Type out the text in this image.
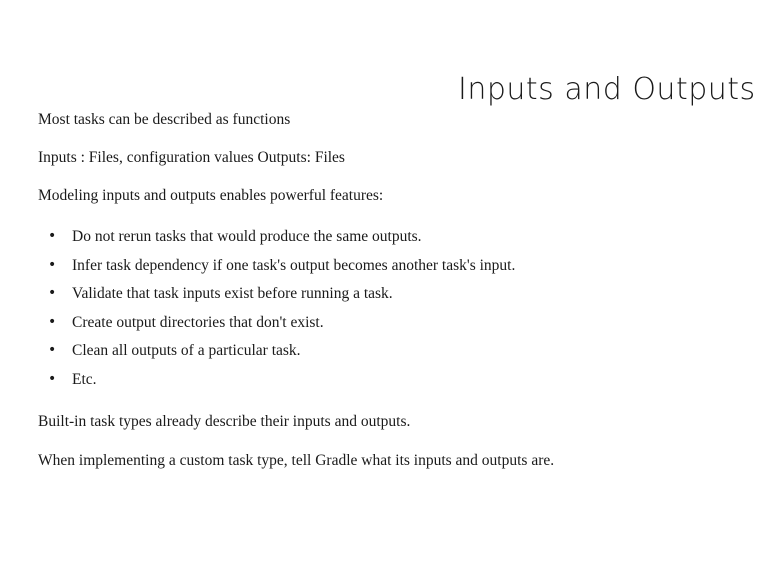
Inputs and Outputs
Most tasks can be described as functions
Inputs : Files, configuration values Outputs: Files
Modeling inputs and outputs enables powerful features:
•	Do not rerun tasks that would produce the same outputs.
•	Infer task dependency if one task's output becomes another task's input.
•	Validate that task inputs exist before running a task.
•	Create output directories that don't exist.
•	Clean all outputs of a particular task.
•	Etc.
Built-in task types already describe their inputs and outputs.
When implementing a custom task type, tell Gradle what its inputs and outputs are.
